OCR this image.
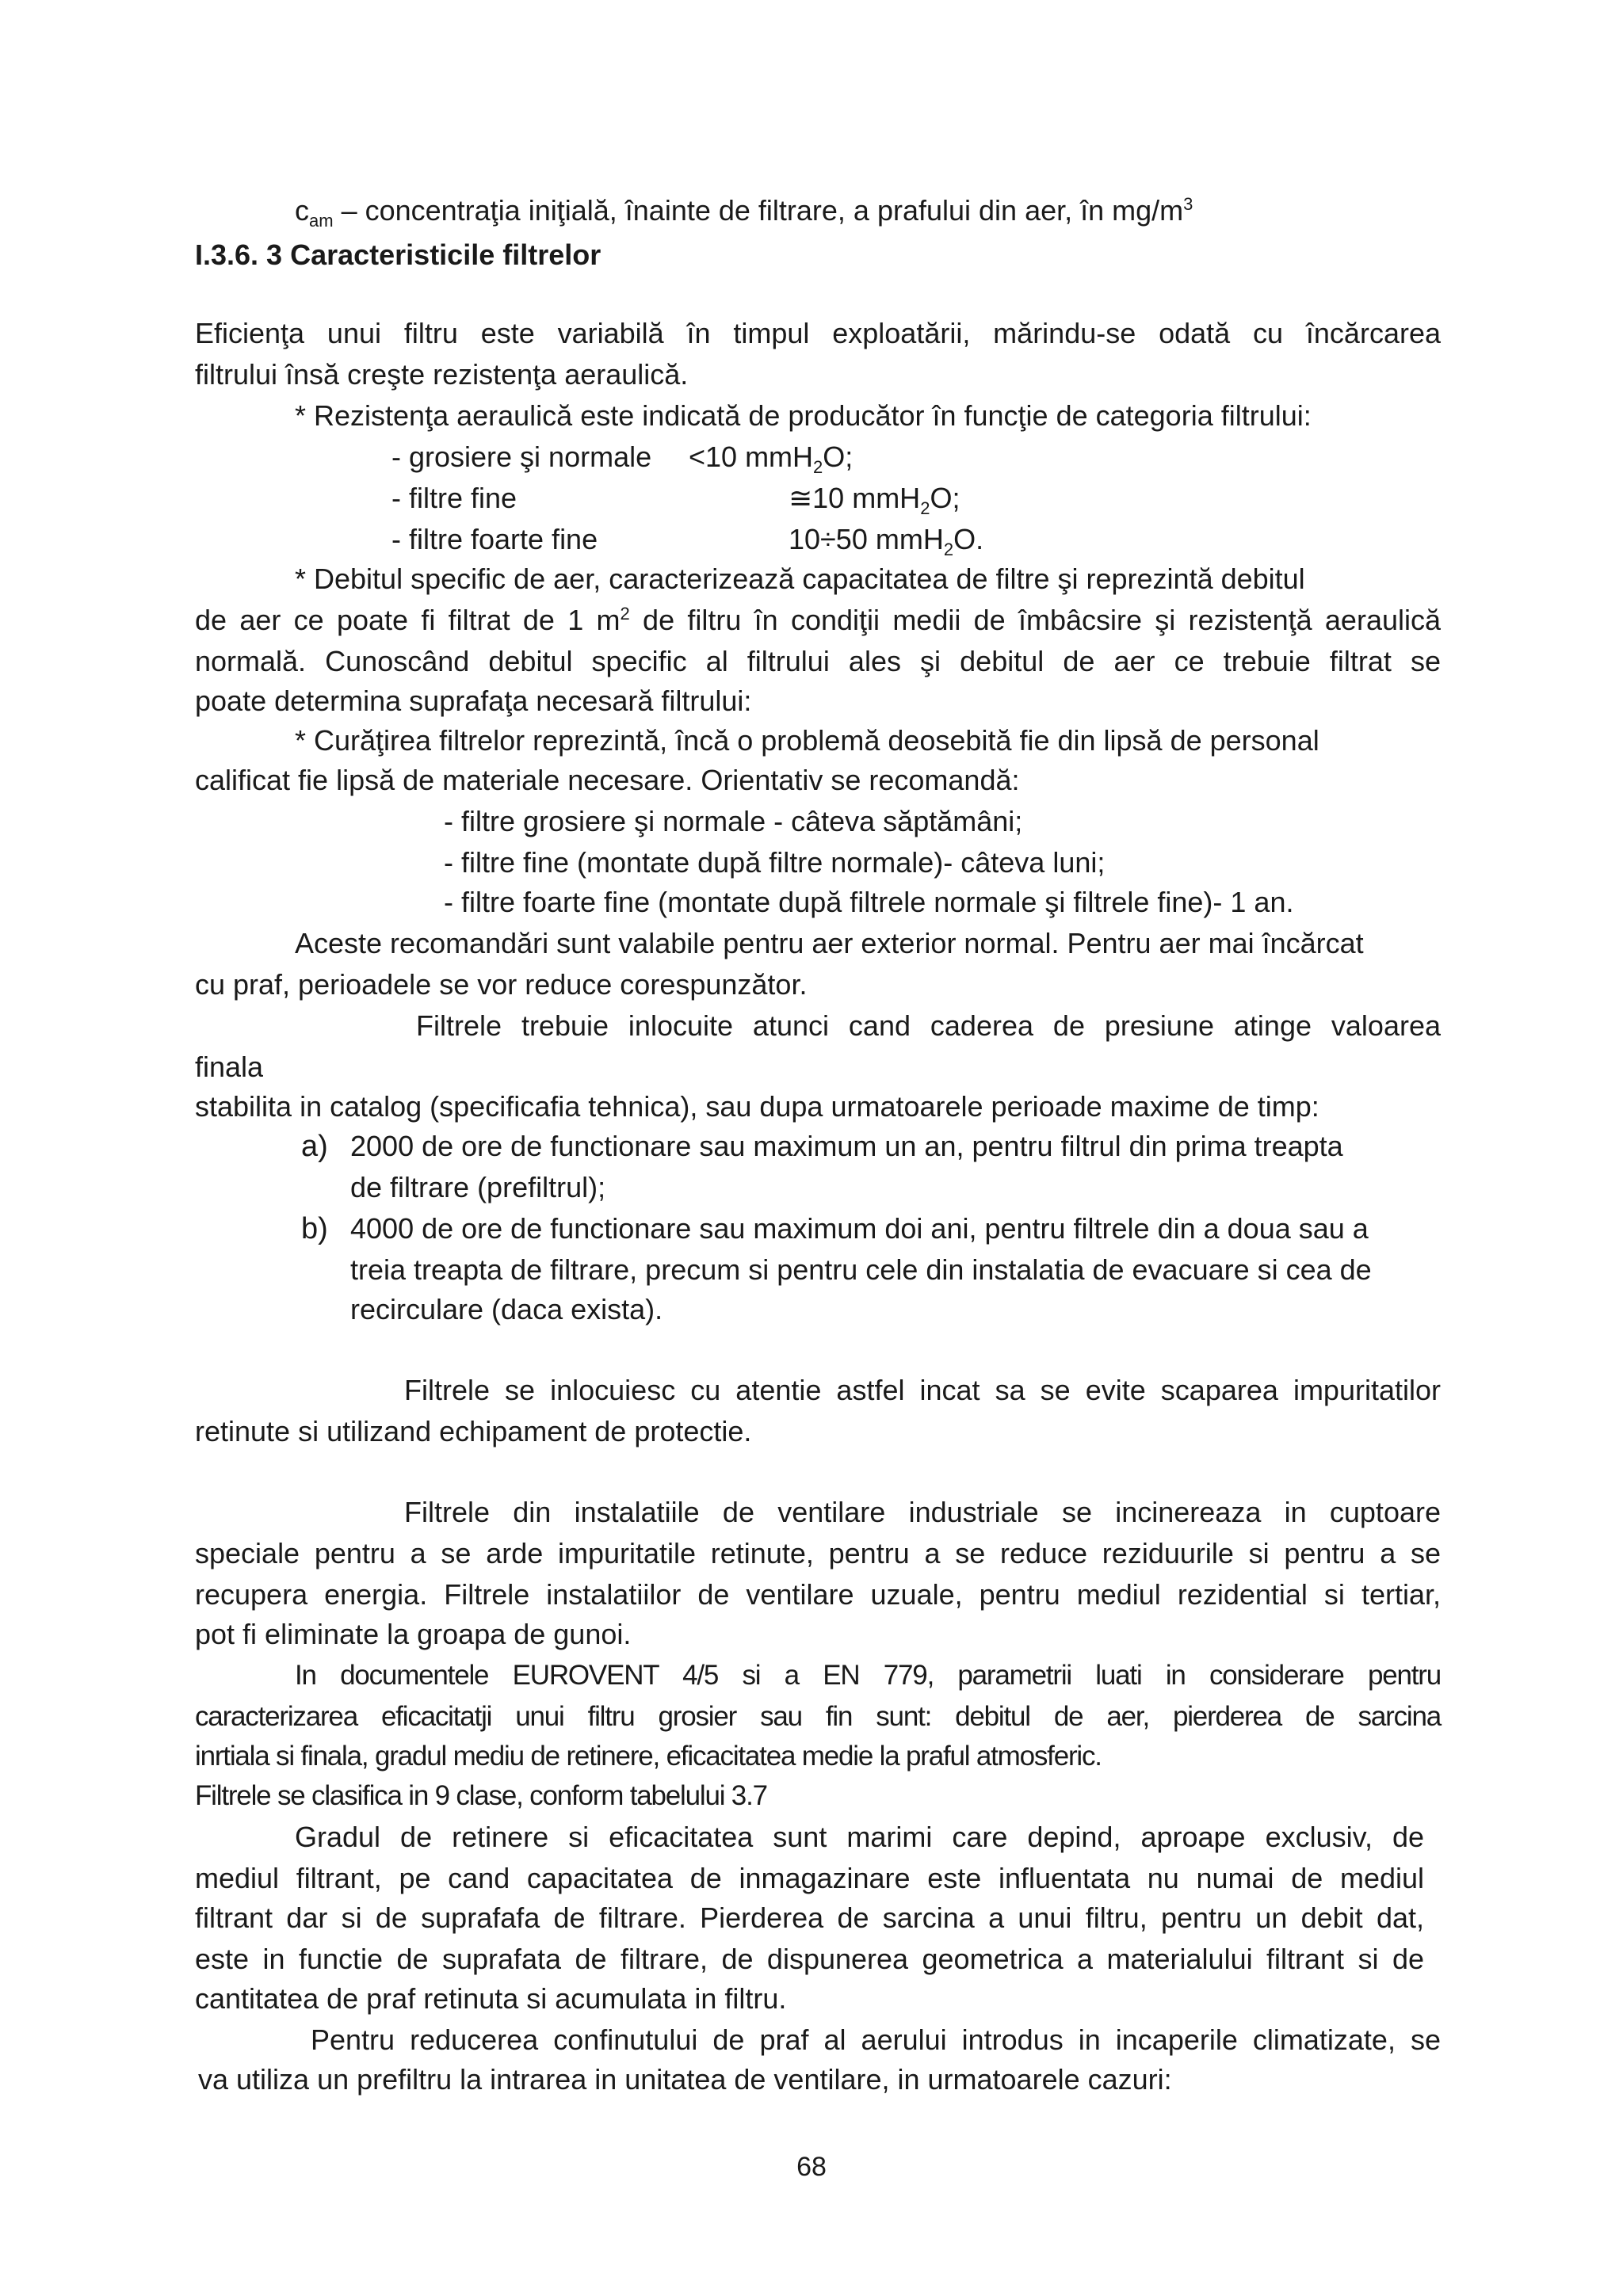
$c_{am}$ – concentraţia iniţială, înainte de filtrare, a prafului din aer, în $mg/m^3$
I.3.6. 3 Caracteristicile filtrelor
Eficienţa unui filtru este variabilă în timpul exploatării, mărindu-se odată cu încărcarea
filtrului însă creşte rezistenţa aeraulică.
* Rezistenţa aeraulică este indicată de producător în funcţie de categoria filtrului:
- grosiere şi normale <10 mmH$_2$O;
- filtre fine	≅10 mmH$_2$O;
- filtre foarte fine	10÷50 mmH$_2$O.
* Debitul specific de aer, caracterizează capacitatea de filtre şi reprezintă debitul
de aer ce poate fi filtrat de 1 $m^2$ de filtru în condiţii medii de îmbâcsire şi rezistenţă aeraulică
normală. Cunoscând debitul specific al filtrului ales şi debitul de aer ce trebuie filtrat se
poate determina suprafaţa necesară filtrului:
* Curăţirea filtrelor reprezintă, încă o problemă deosebită fie din lipsă de personal
calificat fie lipsă de materiale necesare. Orientativ se recomandă:
- filtre grosiere şi normale - câteva săptămâni;
- filtre fine (montate după filtre normale)- câteva luni;
- filtre foarte fine (montate după filtrele normale şi filtrele fine)- 1 an.
Aceste recomandări sunt valabile pentru aer exterior normal. Pentru aer mai încărcat
cu praf, perioadele se vor reduce corespunzător.
Filtrele trebuie inlocuite atunci cand caderea de presiune atinge valoarea
finala
stabilita in catalog (specificafia tehnica), sau dupa urmatoarele perioade maxime de timp:
a) 2000 de ore de functionare sau maximum un an, pentru filtrul din prima treapta
de filtrare (prefiltrul);
b) 4000 de ore de functionare sau maximum doi ani, pentru filtrele din a doua sau a
treia treapta de filtrare, precum si pentru cele din instalatia de evacuare si cea de
recirculare (daca exista).
Filtrele se inlocuiesc cu atentie astfel incat sa se evite scaparea impuritatilor
retinute si utilizand echipament de protectie.
Filtrele din instalatiile de ventilare industriale se incinereaza in cuptoare
speciale pentru a se arde impuritatile retinute, pentru a se reduce reziduurile si pentru a se
recupera energia. Filtrele instalatiilor de ventilare uzuale, pentru mediul rezidential si tertiar,
pot fi eliminate la groapa de gunoi.
In documentele EUROVENT 4/5 si a EN 779, parametrii luati in considerare pentru
caracterizarea eficacitatji unui filtru grosier sau fin sunt: debitul de aer, pierderea de sarcina
inrtiala si finala, gradul mediu de retinere, eficacitatea medie la praful atmosferic.
Filtrele se clasifica in 9 clase, conform tabelului 3.7
Gradul de retinere si eficacitatea sunt marimi care depind, aproape exclusiv, de
mediul filtrant, pe cand capacitatea de inmagazinare este influentata nu numai de mediul
filtrant dar si de suprafafa de filtrare. Pierderea de sarcina a unui filtru, pentru un debit dat,
este in functie de suprafata de filtrare, de dispunerea geometrica a materialului filtrant si de
cantitatea de praf retinuta si acumulata in filtru.
Pentru reducerea confinutului de praf al aerului introdus in incaperile climatizate, se
va utiliza un prefiltru la intrarea in unitatea de ventilare, in urmatoarele cazuri:
68
